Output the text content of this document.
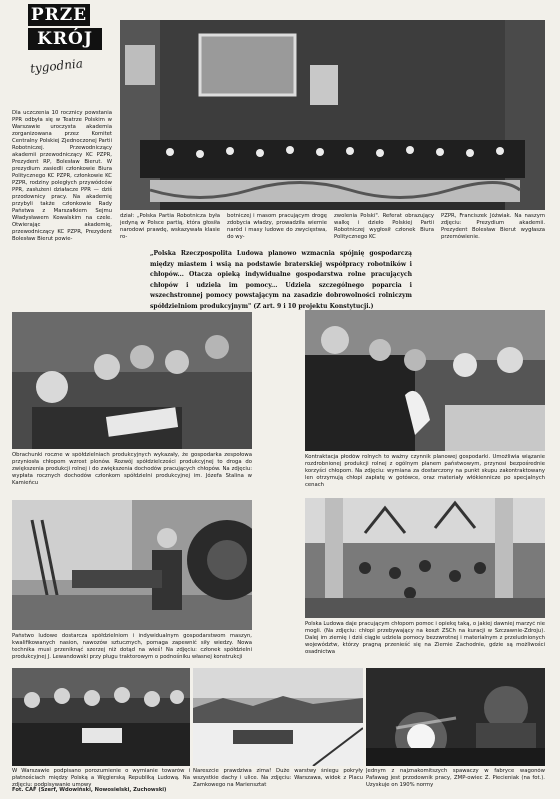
PRZE
KRÓJ
tygodnia
Dla uczczenia 10 rocznicy powstania PPR odbyła się w Teatrze Polskim w Warszawie uroczysta akademia zorganizowana przez Komitet Centralny Polskiej Zjednoczonej Partii Robotniczej. Przewodniczący akademii przewodniczący KC PZPR, Prezydent RP, Bolesław Bierut. W prezydium zasiedli członkowie Biura Politycznego KC PZPR, członkowie KC PZPR, rodziny poległych przywódców PPR, zasłużeni działacze PPR — dziś przodownicy pracy. Na akademię przybyli także członkowie Rady Państwa z Marszałkiem Sejmu Władysławem Kowalskim na czele. Otwierając akademię, przewodniczący KC PZPR, Prezydent Bolesław Bierut powie-
dział: „Polska Partia Robotnicza była jedyną w Polsce partią, która głosiła narodowi prawdę, wskazywała klasie ro-
botniczej i masom pracującym drogę zdobycia władzy, prowadziła wiernie naród i masy ludowe do zwycięstwa, do wy-
zwolenia Polski". Referat obrazujący walkę i dzieło Polskiej Partii Robotniczej wygłosił członek Biura Politycznego KC
PZPR, Franciszek Jóźwiak. Na naszym zdjęciu: Prezydium akademii. Prezydent Bolesław Bierut wygłasza przemówienie.
„Polska Rzeczpospolita Ludowa planowo wzmacnia spójnię gospodarczą między miastem i wsią na podstawie braterskiej współpracy robotników i chłopów... Otacza opieką indywidualne gospodarstwa rolne pracujących chłopów i udziela im pomocy... Udziela szczególnego poparcia i wszechstronnej pomocy powstającym na zasadzie dobrowolności rolniczym spółdzielniom produkcyjnym" (Z art. 9 i 10 projektu Konstytucji.)
Obrachunki roczne w spółdzielniach produkcyjnych wykazały, że gospodarka zespołowa przyniosła chłopom wzrost plonów. Rozwój spółdzielczości produkcyjnej to droga do zwiększenia produkcji rolnej i do zwiększenia dochodów pracujących chłopów. Na zdjęciu: wypłata rocznych dochodów członkom spółdzielni produkcyjnej im. Józefa Stalina w Kamieńcu
Kontraktacja płodów rolnych to ważny czynnik planowej gospodarki. Umożliwia wiązanie rozdrobnionej produkcji rolnej z ogólnym planem państwowym, przynosi bezpośrednie korzyści chłopom. Na zdjęciu: wymiana za dostarczony na punkt skupu zakontraktowany len otrzymują chłopi zapłatę w gotówce, oraz materiały włókiennicze po specjalnych cenach
Państwo ludowe dostarcza spółdzielniom i indywidualnym gospodarstwom maszyn, kwalifikowanych nasion, nawozów sztucznych, pomaga zapewnić siły wiedzy. Nowa technika musi przeniknąć szerzej niż dotąd na wieś! Na zdjęciu: członek spółdzielni produkcyjnej J. Lewandowski przy pługu traktorowym o podnośniku własnej konstrukcji
Polska Ludowa daje pracującym chłopom pomoc i opiekę taką, o jakiej dawniej marzyć nie mogli. (Na zdjęciu: chłopi przebywający na koszt ZSCh na kuracji w Szczawnie-Zdroju). Dalej im ziemię i dziś ciągle udziela pomocy bezzwrotnej i materialnym z przeludnionych województw, którzy pragną przenieść się na Ziemie Zachodnie, gdzie są możliwości osadnictwa
W Warszawie podpisano porozumienie o wymianie towarów i płatnościach między Polską a Węgierską Republiką Ludową. Na zdjęciu: podpisywanie umowy
Nareszcie prawdziwa zima! Duże warstwy śniegu pokryły wszystkie dachy i ulice. Na zdjęciu: Warszawa, widok z Placu Zamkowego na Mariensztat
Jednym z najznakomitszych spawaczy w fabryce wagonów Pafawag jest przodownik pracy, ZMP-owiec Z. Piecieniak (na fot.). Uzyskuje on 190% normy
Fot. CAF (Szerf, Wdowiński, Nowosielski, Zuchowski)
